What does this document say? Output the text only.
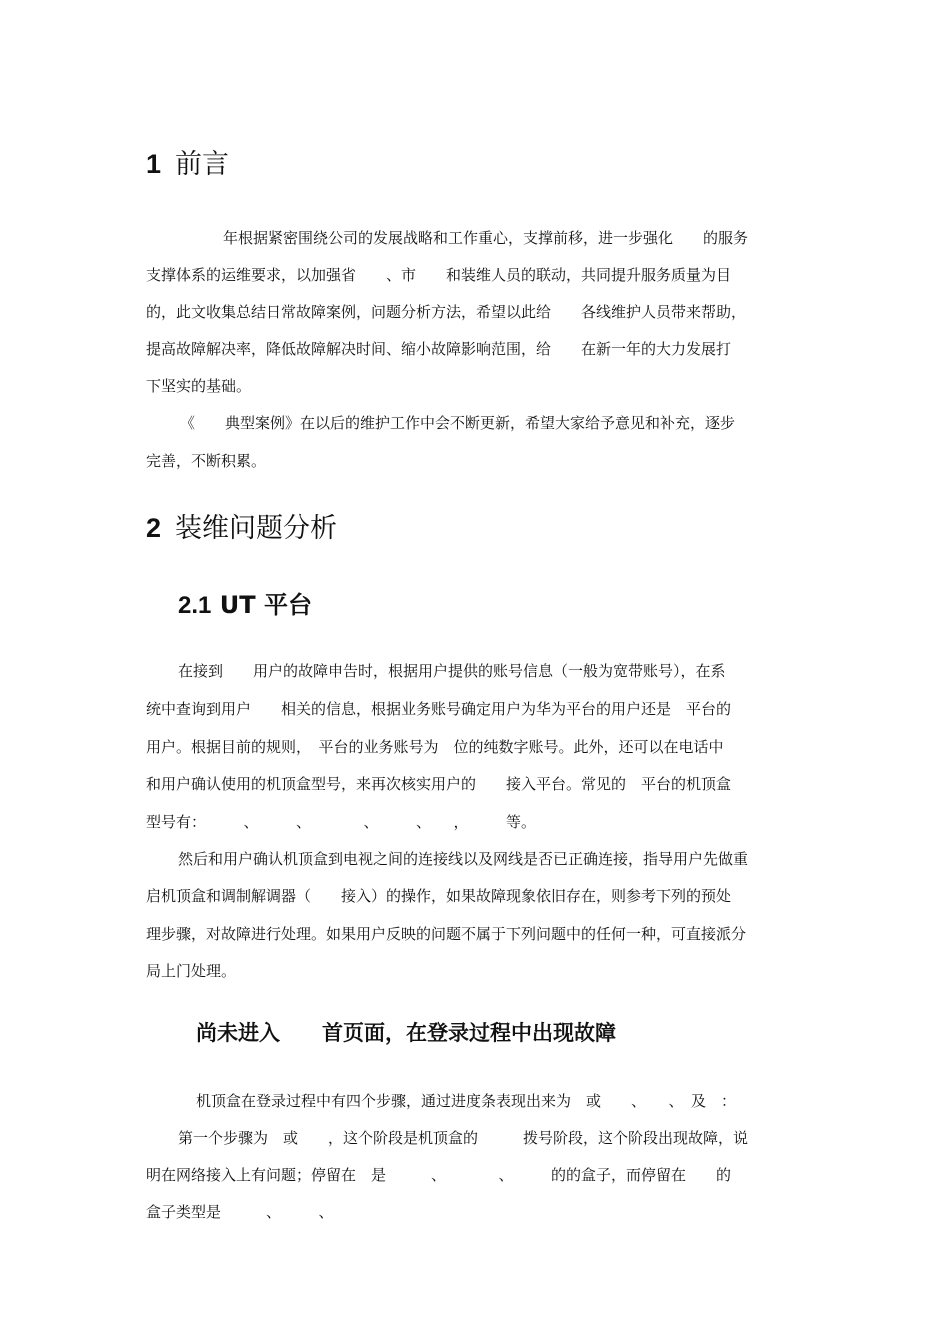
1 前言
　　　年根据紧密围绕公司的发展战略和工作重心，支撑前移，进一步强化　　的服务
支撑体系的运维要求，以加强省　　、市　　和装维人员的联动，共同提升服务质量为目
的，此文收集总结日常故障案例，问题分析方法，希望以此给　　各线维护人员带来帮助，
提高故障解决率，降低故障解决时间、缩小故障影响范围，给　　在新一年的大力发展打
下坚实的基础。
《　　典型案例》在以后的维护工作中会不断更新，希望大家给予意见和补充，逐步
完善，不断积累。
2 装维问题分析
2.1 UT 平台
在接到　　用户的故障申告时，根据用户提供的账号信息（一般为宽带账号），在系
统中查询到用户　　相关的信息，根据业务账号确定用户为华为平台的用户还是　平台的
用户。根据目前的规则，　平台的业务账号为　位的纯数字账号。此外，还可以在电话中
和用户确认使用的机顶盒型号，来再次核实用户的　　接入平台。常见的　平台的机顶盒
型号有：　　　、　　　、　　　　、　　　、　　，　　　等。
然后和用户确认机顶盒到电视之间的连接线以及网线是否已正确连接，指导用户先做重
启机顶盒和调制解调器（　　接入）的操作，如果故障现象依旧存在，则参考下列的预处
理步骤，对故障进行处理。如果用户反映的问题不属于下列问题中的任何一种，可直接派分
局上门处理。
尚未进入　　首页面，在登录过程中出现故障
机顶盒在登录过程中有四个步骤，通过进度条表现出来为　或　　、　　、　及　：
第一个步骤为　或　　，这个阶段是机顶盒的　　　拨号阶段，这个阶段出现故障，说
明在网络接入上有问题；停留在　是　　　、　　　　、　　　的的盒子，而停留在　　的
盒子类型是　　　、　　　、
